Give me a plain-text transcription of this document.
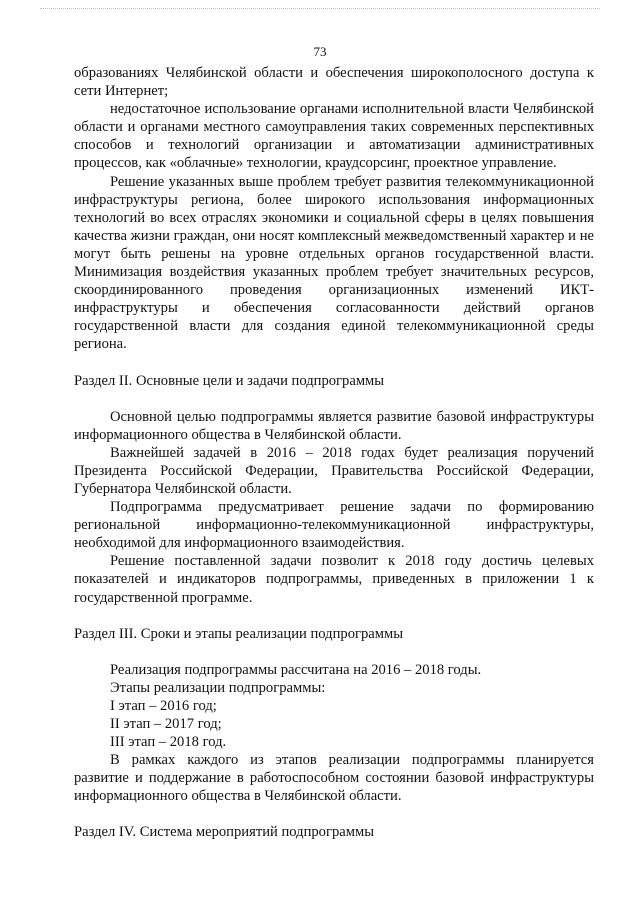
73

образованиях Челябинской области и обеспечения широкополосного доступа к сети Интернет;

недостаточное использование органами исполнительной власти Челябинской области и органами местного самоуправления таких современных перспективных способов и технологий организации и автоматизации административных процессов, как «облачные» технологии, краудсорсинг, проектное управление.

Решение указанных выше проблем требует развития телекоммуникационной инфраструктуры региона, более широкого использования информационных технологий во всех отраслях экономики и социальной сферы в целях повышения качества жизни граждан, они носят комплексный межведомственный характер и не могут быть решены на уровне отдельных органов государственной власти. Минимизация воздействия указанных проблем требует значительных ресурсов, скоординированного проведения организационных изменений ИКТ-инфраструктуры и обеспечения согласованности действий органов государственной власти для создания единой телекоммуникационной среды региона.

Раздел II. Основные цели и задачи подпрограммы

Основной целью подпрограммы является развитие базовой инфраструктуры информационного общества в Челябинской области.

Важнейшей задачей в 2016 – 2018 годах будет реализация поручений Президента Российской Федерации, Правительства Российской Федерации, Губернатора Челябинской области.

Подпрограмма предусматривает решение задачи по формированию региональной информационно-телекоммуникационной инфраструктуры, необходимой для информационного взаимодействия.

Решение поставленной задачи позволит к 2018 году достичь целевых показателей и индикаторов подпрограммы, приведенных в приложении 1 к государственной программе.

Раздел III. Сроки и этапы реализации подпрограммы

Реализация подпрограммы рассчитана на 2016 – 2018 годы.

Этапы реализации подпрограммы:

I этап – 2016 год;

II этап – 2017 год;

III этап – 2018 год.

В рамках каждого из этапов реализации подпрограммы планируется развитие и поддержание в работоспособном состоянии базовой инфраструктуры информационного общества в Челябинской области.

Раздел IV. Система мероприятий подпрограммы
